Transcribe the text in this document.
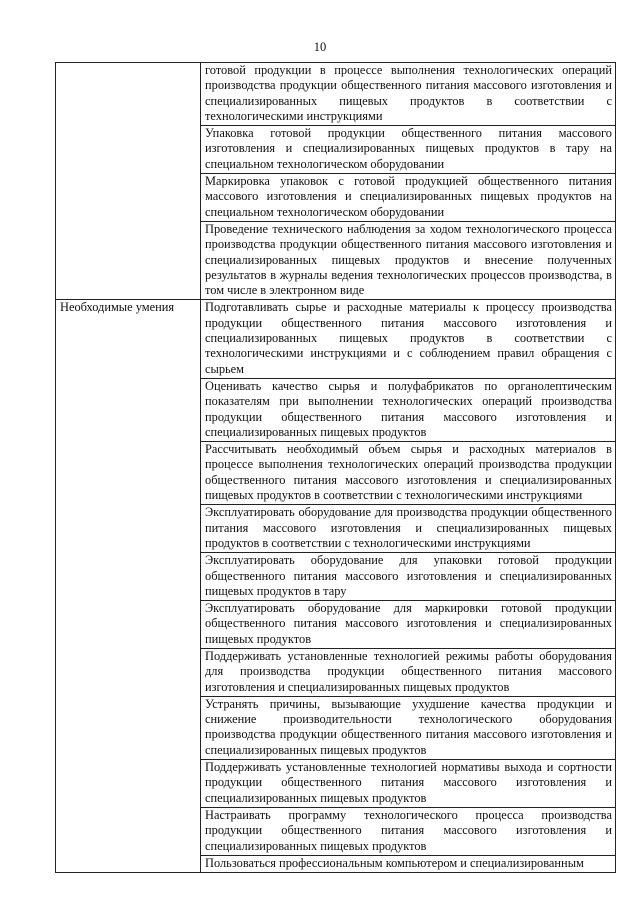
10
	готовой продукции в процессе выполнения технологических операций производства продукции общественного питания массового изготовления и специализированных пищевых продуктов в соответствии с технологическими инструкциями
	Упаковка готовой продукции общественного питания массового изготовления и специализированных пищевых продуктов в тару на специальном технологическом оборудовании
	Маркировка упаковок с готовой продукцией общественного питания массового изготовления и специализированных пищевых продуктов на специальном технологическом оборудовании
	Проведение технического наблюдения за ходом технологического процесса производства продукции общественного питания массового изготовления и специализированных пищевых продуктов и внесение полученных результатов в журналы ведения технологических процессов производства, в том числе в электронном виде
Необходимые умения	Подготавливать сырье и расходные материалы к процессу производства продукции общественного питания массового изготовления и специализированных пищевых продуктов в соответствии с технологическими инструкциями и с соблюдением правил обращения с сырьем
	Оценивать качество сырья и полуфабрикатов по органолептическим показателям при выполнении технологических операций производства продукции общественного питания массового изготовления и специализированных пищевых продуктов
	Рассчитывать необходимый объем сырья и расходных материалов в процессе выполнения технологических операций производства продукции общественного питания массового изготовления и специализированных пищевых продуктов в соответствии с технологическими инструкциями
	Эксплуатировать оборудование для производства продукции общественного питания массового изготовления и специализированных пищевых продуктов в соответствии с технологическими инструкциями
	Эксплуатировать оборудование для упаковки готовой продукции общественного питания массового изготовления и специализированных пищевых продуктов в тару
	Эксплуатировать оборудование для маркировки готовой продукции общественного питания массового изготовления и специализированных пищевых продуктов
	Поддерживать установленные технологией режимы работы оборудования для производства продукции общественного питания массового изготовления и специализированных пищевых продуктов
	Устранять причины, вызывающие ухудшение качества продукции и снижение производительности технологического оборудования производства продукции общественного питания массового изготовления и специализированных пищевых продуктов
	Поддерживать установленные технологией нормативы выхода и сортности продукции общественного питания массового изготовления и специализированных пищевых продуктов
	Настраивать программу технологического процесса производства продукции общественного питания массового изготовления и специализированных пищевых продуктов

	Пользоваться профессиональным компьютером и специализированным
